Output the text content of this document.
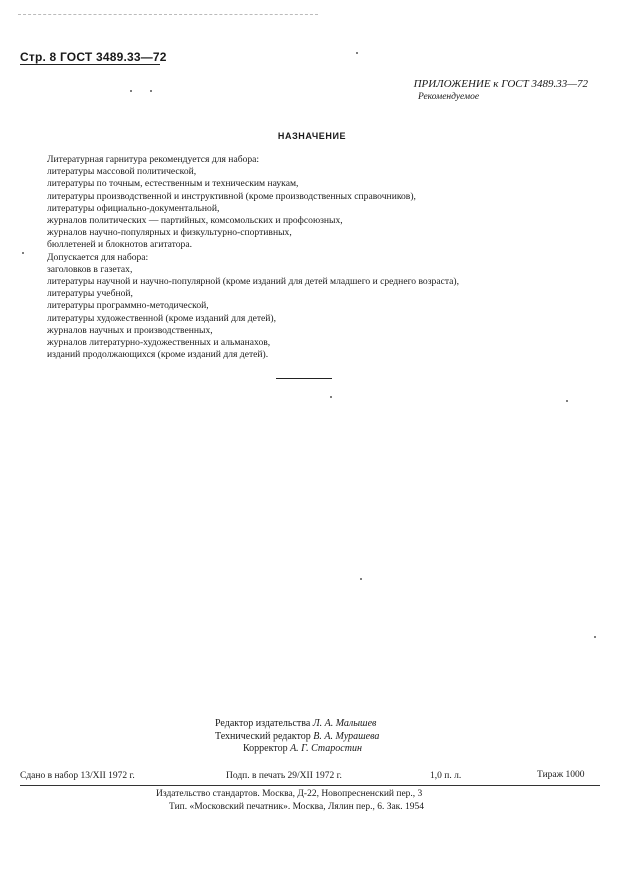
Стр. 8 ГОСТ 3489.33—72
ПРИЛОЖЕНИЕ к ГОСТ 3489.33—72
Рекомендуемое
НАЗНАЧЕНИЕ
Литературная гарнитура рекомендуется для набора:
литературы массовой политической,
литературы по точным, естественным и техническим наукам,
литературы производственной и инструктивной (кроме производственных справочников),
литературы официально-документальной,
журналов политических — партийных, комсомольских и профсоюзных,
журналов научно-популярных и физкультурно-спортивных,
бюллетеней и блокнотов агитатора.
Допускается для набора:
заголовков в газетах,
литературы научной и научно-популярной (кроме изданий для детей младшего и среднего возраста),
литературы учебной,
литературы программно-методической,
литературы художественной (кроме изданий для детей),
журналов научных и производственных,
журналов литературно-художественных и альманахов,
изданий продолжающихся (кроме изданий для детей).
Редактор издательства Л. А. Малышев
Технический редактор В. А. Мурашева
Корректор А. Г. Старостин
Сдано в набор 13/XII 1972 г.	Подп. в печать 29/XII 1972 г.	1,0 п. л.	Тираж 1000
Издательство стандартов. Москва, Д-22, Новопресненский пер., 3
Тип. «Московский печатник». Москва, Лялин пер., 6. Зак. 1954
